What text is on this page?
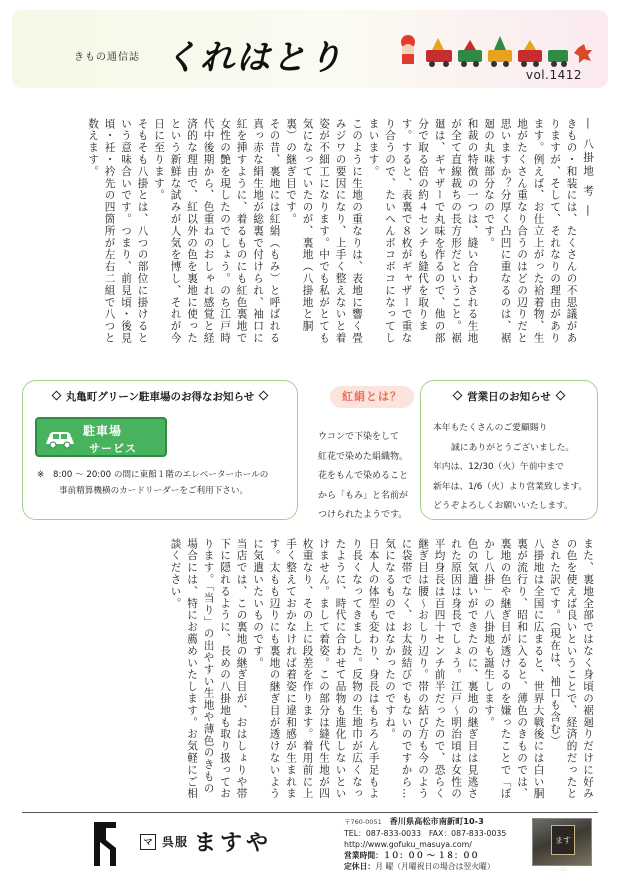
きもの通信誌 くれはとり	vol.1412

― 八掛地 考 ―

きもの・和装には、たくさんの不思議がありますが、そして、それなりの理由があります。例えば、お仕立上がった袷着物、生地がたくさん重なり合うのはどの辺りだと思いますか？分厚く凸凹に重なるのは、裾廻の丸味部分なのです。

和裁の特徴の一つは、縫い合わされる生地が全て直線裁ちの長方形だということ。裾廻は、ギャザーで丸味を作るので、他の部分で取る倍の約４センチも縫代を取ります。すると、表裏で８枚がギャザーで重なり合うので、たいへんボコボコになってしまいます。

このように生地の重なりは、表地に響く畳みジワの要因になり、上手く整えないと着姿が不細工になります。中でも私がとても気になっていたのが、裏地（八掛地と胴裏）の継ぎ目です。

その昔、裏地には紅絹（もみ）と呼ばれる真っ赤な絹生地が総裏で付けられ、袖口に紅を挿すように、着るものにも紅色裏地で女性の艶を現したのでしょう。のち江戸時代中後期から、色重ねのおしゃれ感覚と経済的な理由で、紅以外の色を裏地に使ったという新鮮な試みが人気を博し、それが今日に至ります。

そもそも八掛とは、八つの部位に掛けるという意味合いです。つまり、前見頃・後見頃・衽・衿先の四箇所が左右二組で八つと数えます。

丸亀町グリーン駐車場のお得なお知らせ
駐車場
サービス
※ 8:00 ～ 20:00 の間に東館１階のエレベーターホールの
事前精算機横のカードリーダーをご利用下さい。
紅絹とは？
ウコンで下染をして
紅花で染めた絹織物。
花をもんで染めること
から「もみ」と名前が
つけられたようです。
営業日のお知らせ
本年もたくさんのご愛顧賜り
誠にありがとうございました。
年内は、12/30（火）午前中まで
新年は、1/6（火）より営業致します。
どうぞよろしくお願いいたします。

また、裏地全部ではなく身頃の裾廻りだけに好みの色を使えば良いということで、経済的だったとされた訳です。（現在は、袖口も含む）

八掛地は全国に広まると、世界大戦後には白い胴裏が流行り、昭和に入ると、薄色のきものでは、裏地の色や継ぎ目が透けるのを嫌ったことで「ぼかし八掛」の八掛地も誕生します。

色の気遣いができたのに、裏地の継ぎ目は見逃された原因は身長でしょう。江戸～明治頃は女性の平均身長は百四十センチ前半だったので、恐らく継ぎ目は腰～おしり辺り。帯の結び方も今のように袋帯でなく、お太鼓結びでもないのですから…気になるものではなかったのですね。

日本人の体型も変わり、身長はもちろん手足もより長くなってきました。反物の生地巾が広くなったように、時代に合わせて品物も進化しないといけません。まして着姿。この部分は縫代生地が四枚重なり、その上に段差を作ります。着用前に上手く整えておかなければ着姿に違和感が生まれます。太もも辺りにも裏地の継ぎ目が透けないように気遣いたいものです。

当店では、この裏地の継ぎ目が、おはしょりや帯下に隠れるように、長めの八掛地も取り扱っております。「当り」の出やすい生地や薄色のきもの場合には、特にお薦めいたします。お気軽にご相談ください。

マ 呉服 ますや
〒760-0051　 香川県高松市南新町10-3
TEL：087-833-0033　 FAX：087-833-0035
http://www.gofuku_masuya.com/
営業時間：１０：００ ～ １８：００
定休日：月 曜（月曜祝日の場合は翌火曜）
ますや
